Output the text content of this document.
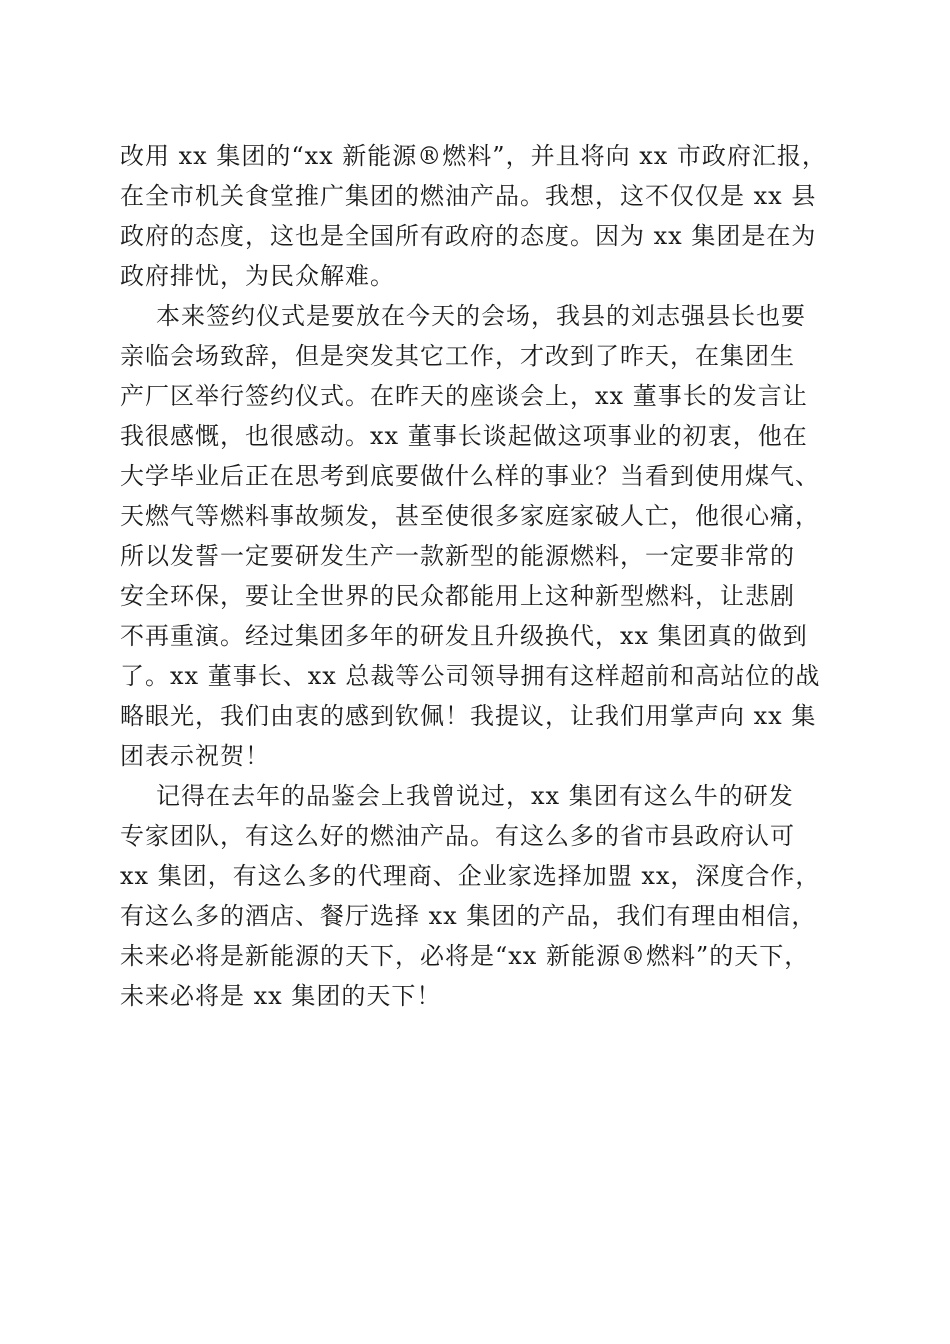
改用 xx 集团的“xx 新能源®燃料”，并且将向 xx 市政府汇报，
在全市机关食堂推广集团的燃油产品。我想，这不仅仅是 xx 县
政府的态度，这也是全国所有政府的态度。因为 xx 集团是在为
政府排忧，为民众解难。
本来签约仪式是要放在今天的会场，我县的刘志强县长也要
亲临会场致辞，但是突发其它工作，才改到了昨天，在集团生
产厂区举行签约仪式。在昨天的座谈会上，xx 董事长的发言让
我很感慨，也很感动。xx 董事长谈起做这项事业的初衷，他在
大学毕业后正在思考到底要做什么样的事业？当看到使用煤气、
天燃气等燃料事故频发，甚至使很多家庭家破人亡，他很心痛，
所以发誓一定要研发生产一款新型的能源燃料，一定要非常的
安全环保，要让全世界的民众都能用上这种新型燃料，让悲剧
不再重演。经过集团多年的研发且升级换代，xx 集团真的做到
了。xx 董事长、xx 总裁等公司领导拥有这样超前和高站位的战
略眼光，我们由衷的感到钦佩！我提议，让我们用掌声向 xx 集
团表示祝贺！
记得在去年的品鉴会上我曾说过，xx 集团有这么牛的研发
专家团队，有这么好的燃油产品。有这么多的省市县政府认可
xx 集团，有这么多的代理商、企业家选择加盟 xx，深度合作，
有这么多的酒店、餐厅选择 xx 集团的产品，我们有理由相信，
未来必将是新能源的天下，必将是“xx 新能源®燃料”的天下，
未来必将是 xx 集团的天下！
